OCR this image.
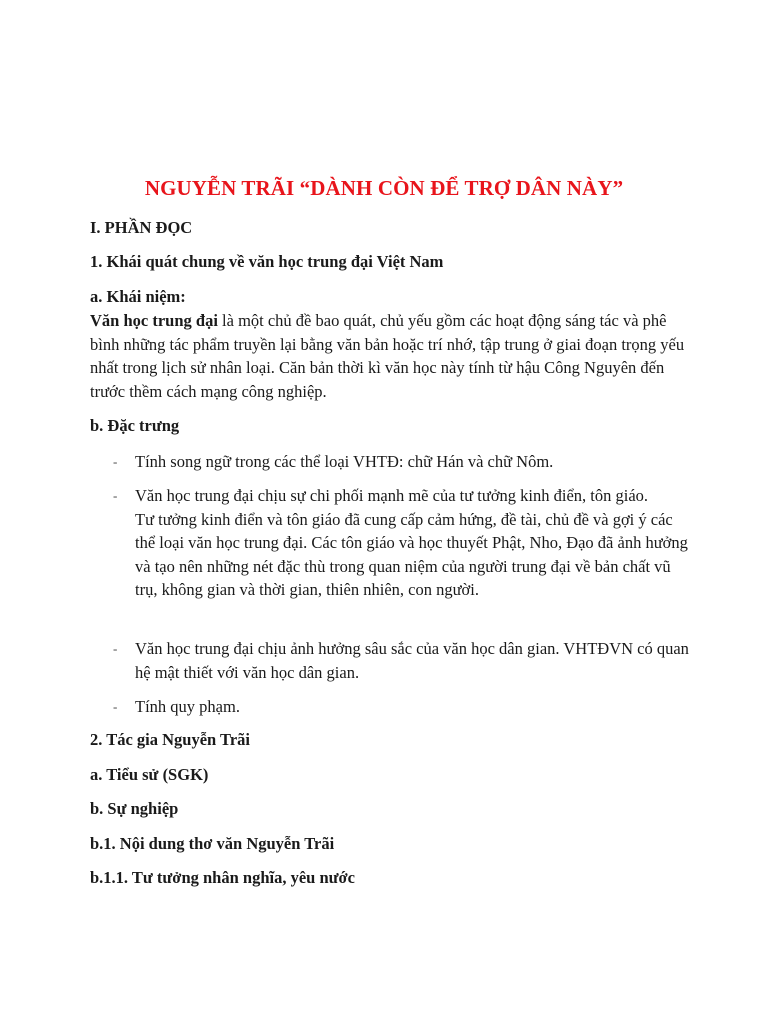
NGUYỄN TRÃI “DÀNH CÒN ĐỂ TRỢ DÂN NÀY”
I. PHẦN ĐỌC
1. Khái quát chung về văn học trung đại Việt Nam
a. Khái niệm:
Văn học trung đại là một chủ đề bao quát, chủ yếu gồm các hoạt động sáng tác và phê bình những tác phẩm truyền lại bằng văn bản hoặc trí nhớ, tập trung ở giai đoạn trọng yếu nhất trong lịch sử nhân loại. Căn bản thời kì văn học này tính từ hậu Công Nguyên đến trước thềm cách mạng công nghiệp.
b. Đặc trưng
- Tính song ngữ trong các thể loại VHTĐ: chữ Hán và chữ Nôm.

- Văn học trung đại chịu sự chi phối mạnh mẽ của tư tưởng kinh điển, tôn giáo.

Tư tưởng kinh điển và tôn giáo đã cung cấp cảm hứng, đề tài, chủ đề và gợi ý các thể loại văn học trung đại. Các tôn giáo và học thuyết Phật, Nho, Đạo đã ảnh hưởng và tạo nên những nét đặc thù trong quan niệm của người trung đại về bản chất vũ trụ, không gian và thời gian, thiên nhiên, con người.

- Văn học trung đại chịu ảnh hưởng sâu sắc của văn học dân gian. VHTĐVN có quan hệ mật thiết với văn học dân gian.

- Tính quy phạm.

2. Tác gia Nguyễn Trãi
a. Tiểu sử (SGK)
b. Sự nghiệp
b.1. Nội dung thơ văn Nguyễn Trãi
b.1.1. Tư tưởng nhân nghĩa, yêu nước
